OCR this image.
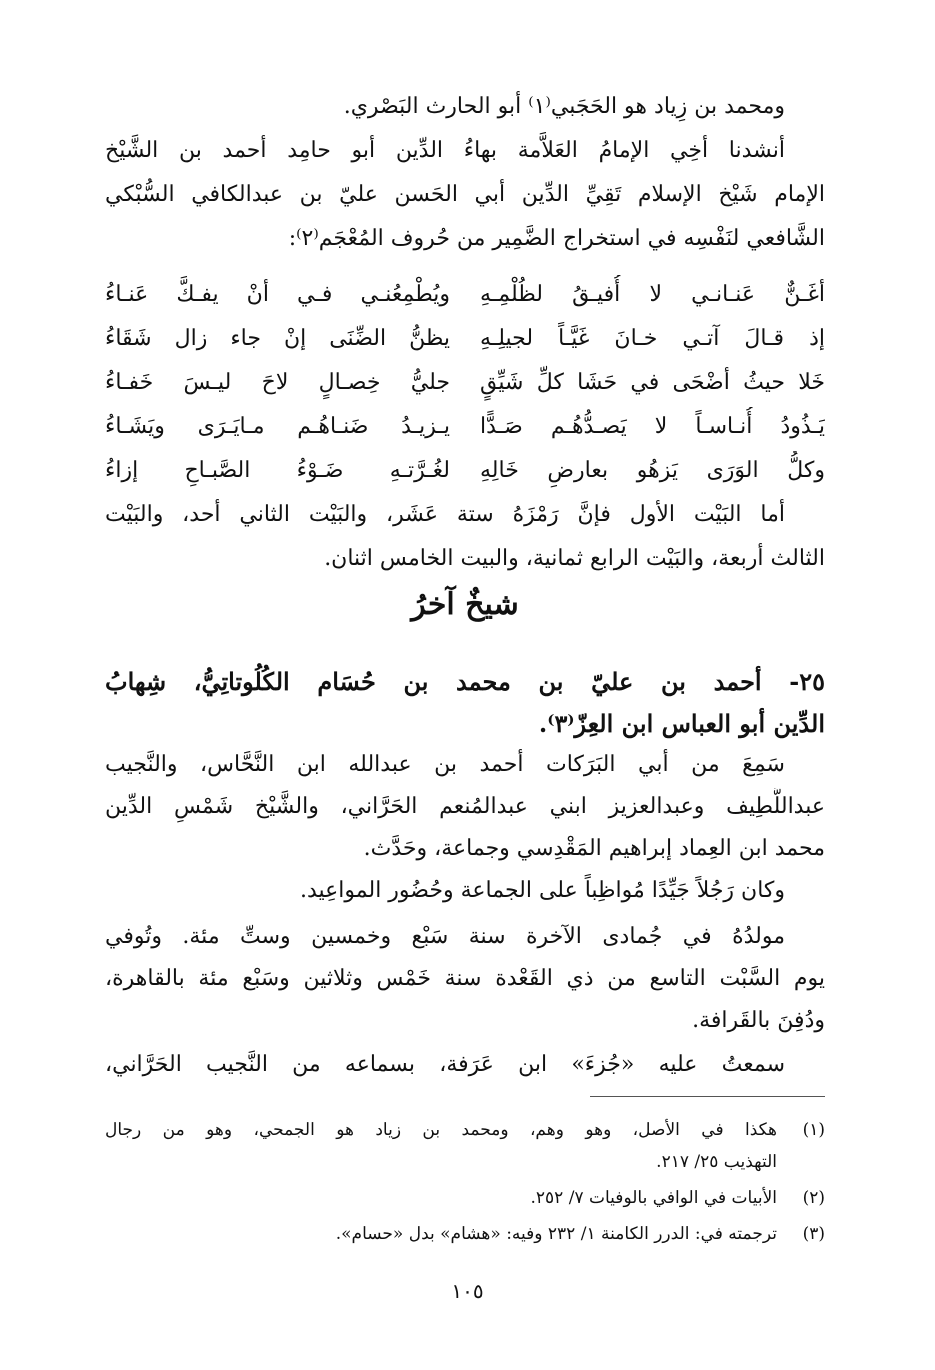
ومحمد بن زِياد هو الحَجَبي⁽١⁾ أبو الحارث البَصْري.
أنشدنا أخِي الإمامُ العَلاَّمة بهاءُ الدِّين أبو حامِد أحمد بن الشَّيْخ
الإمام شَيْخ الإسلام تَقِيِّ الدِّين أبي الحَسن عليّ بن عبدالكافي السُّبْكي
الشَّافعي لنَفْسِه في استخراج الضَّمِير من حُروف المُعْجَم⁽٢⁾:
أغَـنٌّ عَنـانـي لا أُفيـقُ لظُلْمِـهِ
ويُطْمِعُنـي فـي أنْ يفـكَّ عَنـاءُ
إذ قـالَ آتـي خـانَ غَيَّـاً لجيلِـهِ
يظنُّ الضِّنَى إنْ جاء زال شَقَاءُ
خَلا حيثُ أضْحَى في حَشَا كلِّ شَيِّقٍ
جليُّ خِصـالٍ لاحَ ليـسَ خَفـاءُ
يَـذُودُ أُنـاسـاً لا يَصـدُّهُـم صَـدًّا
يـزيـدُ ضَنـاهُـم مـايَـرَى ويَشَـاءُ
وكلُّ الوَرَى يَزهُو بعارضِ خَالِهِ
لغُـرَّتـهِ ضَـوْءُ الصَّبـاحِ إزاءُ
أما البَيْت الأول فإنَّ رَمْزَهُ ستة عَشَر، والبَيْت الثاني أحد، والبَيْت
الثالث أربعة، والبَيْت الرابع ثمانية، والبيت الخامس اثنان.
شيخٌ آخرُ
٢٥- أحمد بن عليّ بن محمد بن حُسَام الكُلُوتاتِيُّ، شِهابُ
الدِّين أبو العباس ابن العِزّ⁽٣⁾.
سَمِعَ من أبي البَرَكات أحمد بن عبدالله ابن النَّحَّاس، والنَّجيب
عبداللَّطِيف وعبدالعزيز ابني عبدالمُنعم الحَرَّاني، والشَّيْخ شَمْسِ الدِّين
محمد ابن العِماد إبراهيم المَقْدِسي وجماعة، وحَدَّث.
وكان رَجُلاً جَيِّدًا مُواظِباً على الجماعة وحُضُور المواعِيد.
مولدُهُ في جُمادى الآخرة سنة سَبْع وخمسين وستِّ مئة. وتُوفي
يوم السَّبْت التاسع من ذي القَعْدة سنة خَمْس وثلاثين وسَبْع مئة بالقاهرة،
ودُفِنَ بالقَرافة.
سمعتُ عليه «جُزءَ» ابن عَرَفة، بسماعه من النَّجيب الحَرَّاني،
(١)
هكذا في الأصل، وهو وهم، ومحمد بن زياد هو الجمحي، وهو من رجال
التهذيب ٢٥/ ٢١٧.
(٢)
الأبيات في الوافي بالوفيات ٧/ ٢٥٢.
(٣)
ترجمته في: الدرر الكامنة ١/ ٢٣٢ وفيه: «هشام» بدل «حسام».
١٠٥
